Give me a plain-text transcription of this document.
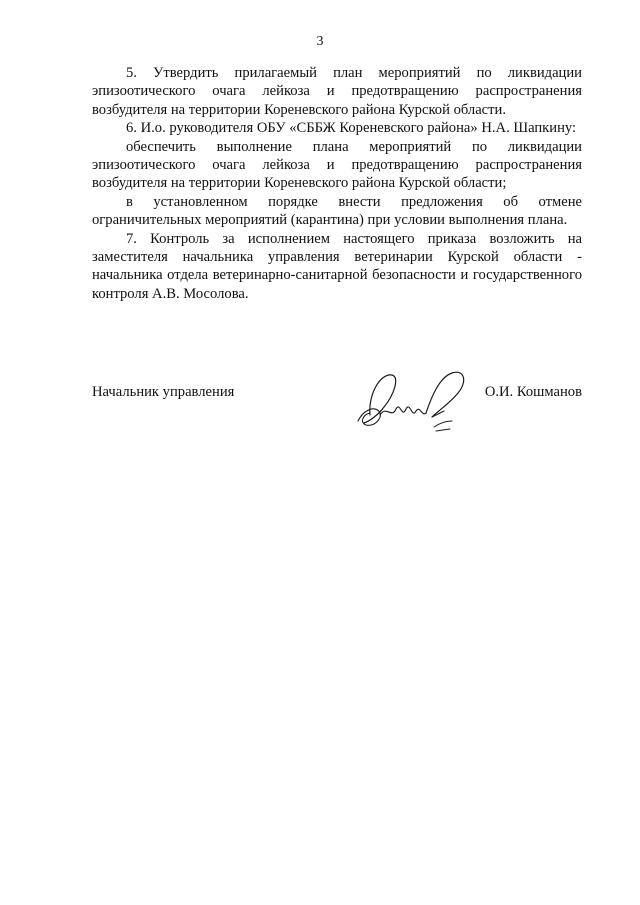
3

5. Утвердить прилагаемый план мероприятий по ликвидации эпизоотического очага лейкоза и предотвращению распространения возбудителя на территории Кореневского района Курской области.

6. И.о. руководителя ОБУ «СББЖ Кореневского района» Н.А. Шапкину:

обеспечить выполнение плана мероприятий по ликвидации эпизоотического очага лейкоза и предотвращению распространения возбудителя на территории Кореневского района Курской области;

в установленном порядке внести предложения об отмене ограничительных мероприятий (карантина) при условии выполнения плана.

7. Контроль за исполнением настоящего приказа возложить на заместителя начальника управления ветеринарии Курской области - начальника отдела ветеринарно-санитарной безопасности и государственного контроля А.В. Мосолова.

Начальник управления	О.И. Кошманов
